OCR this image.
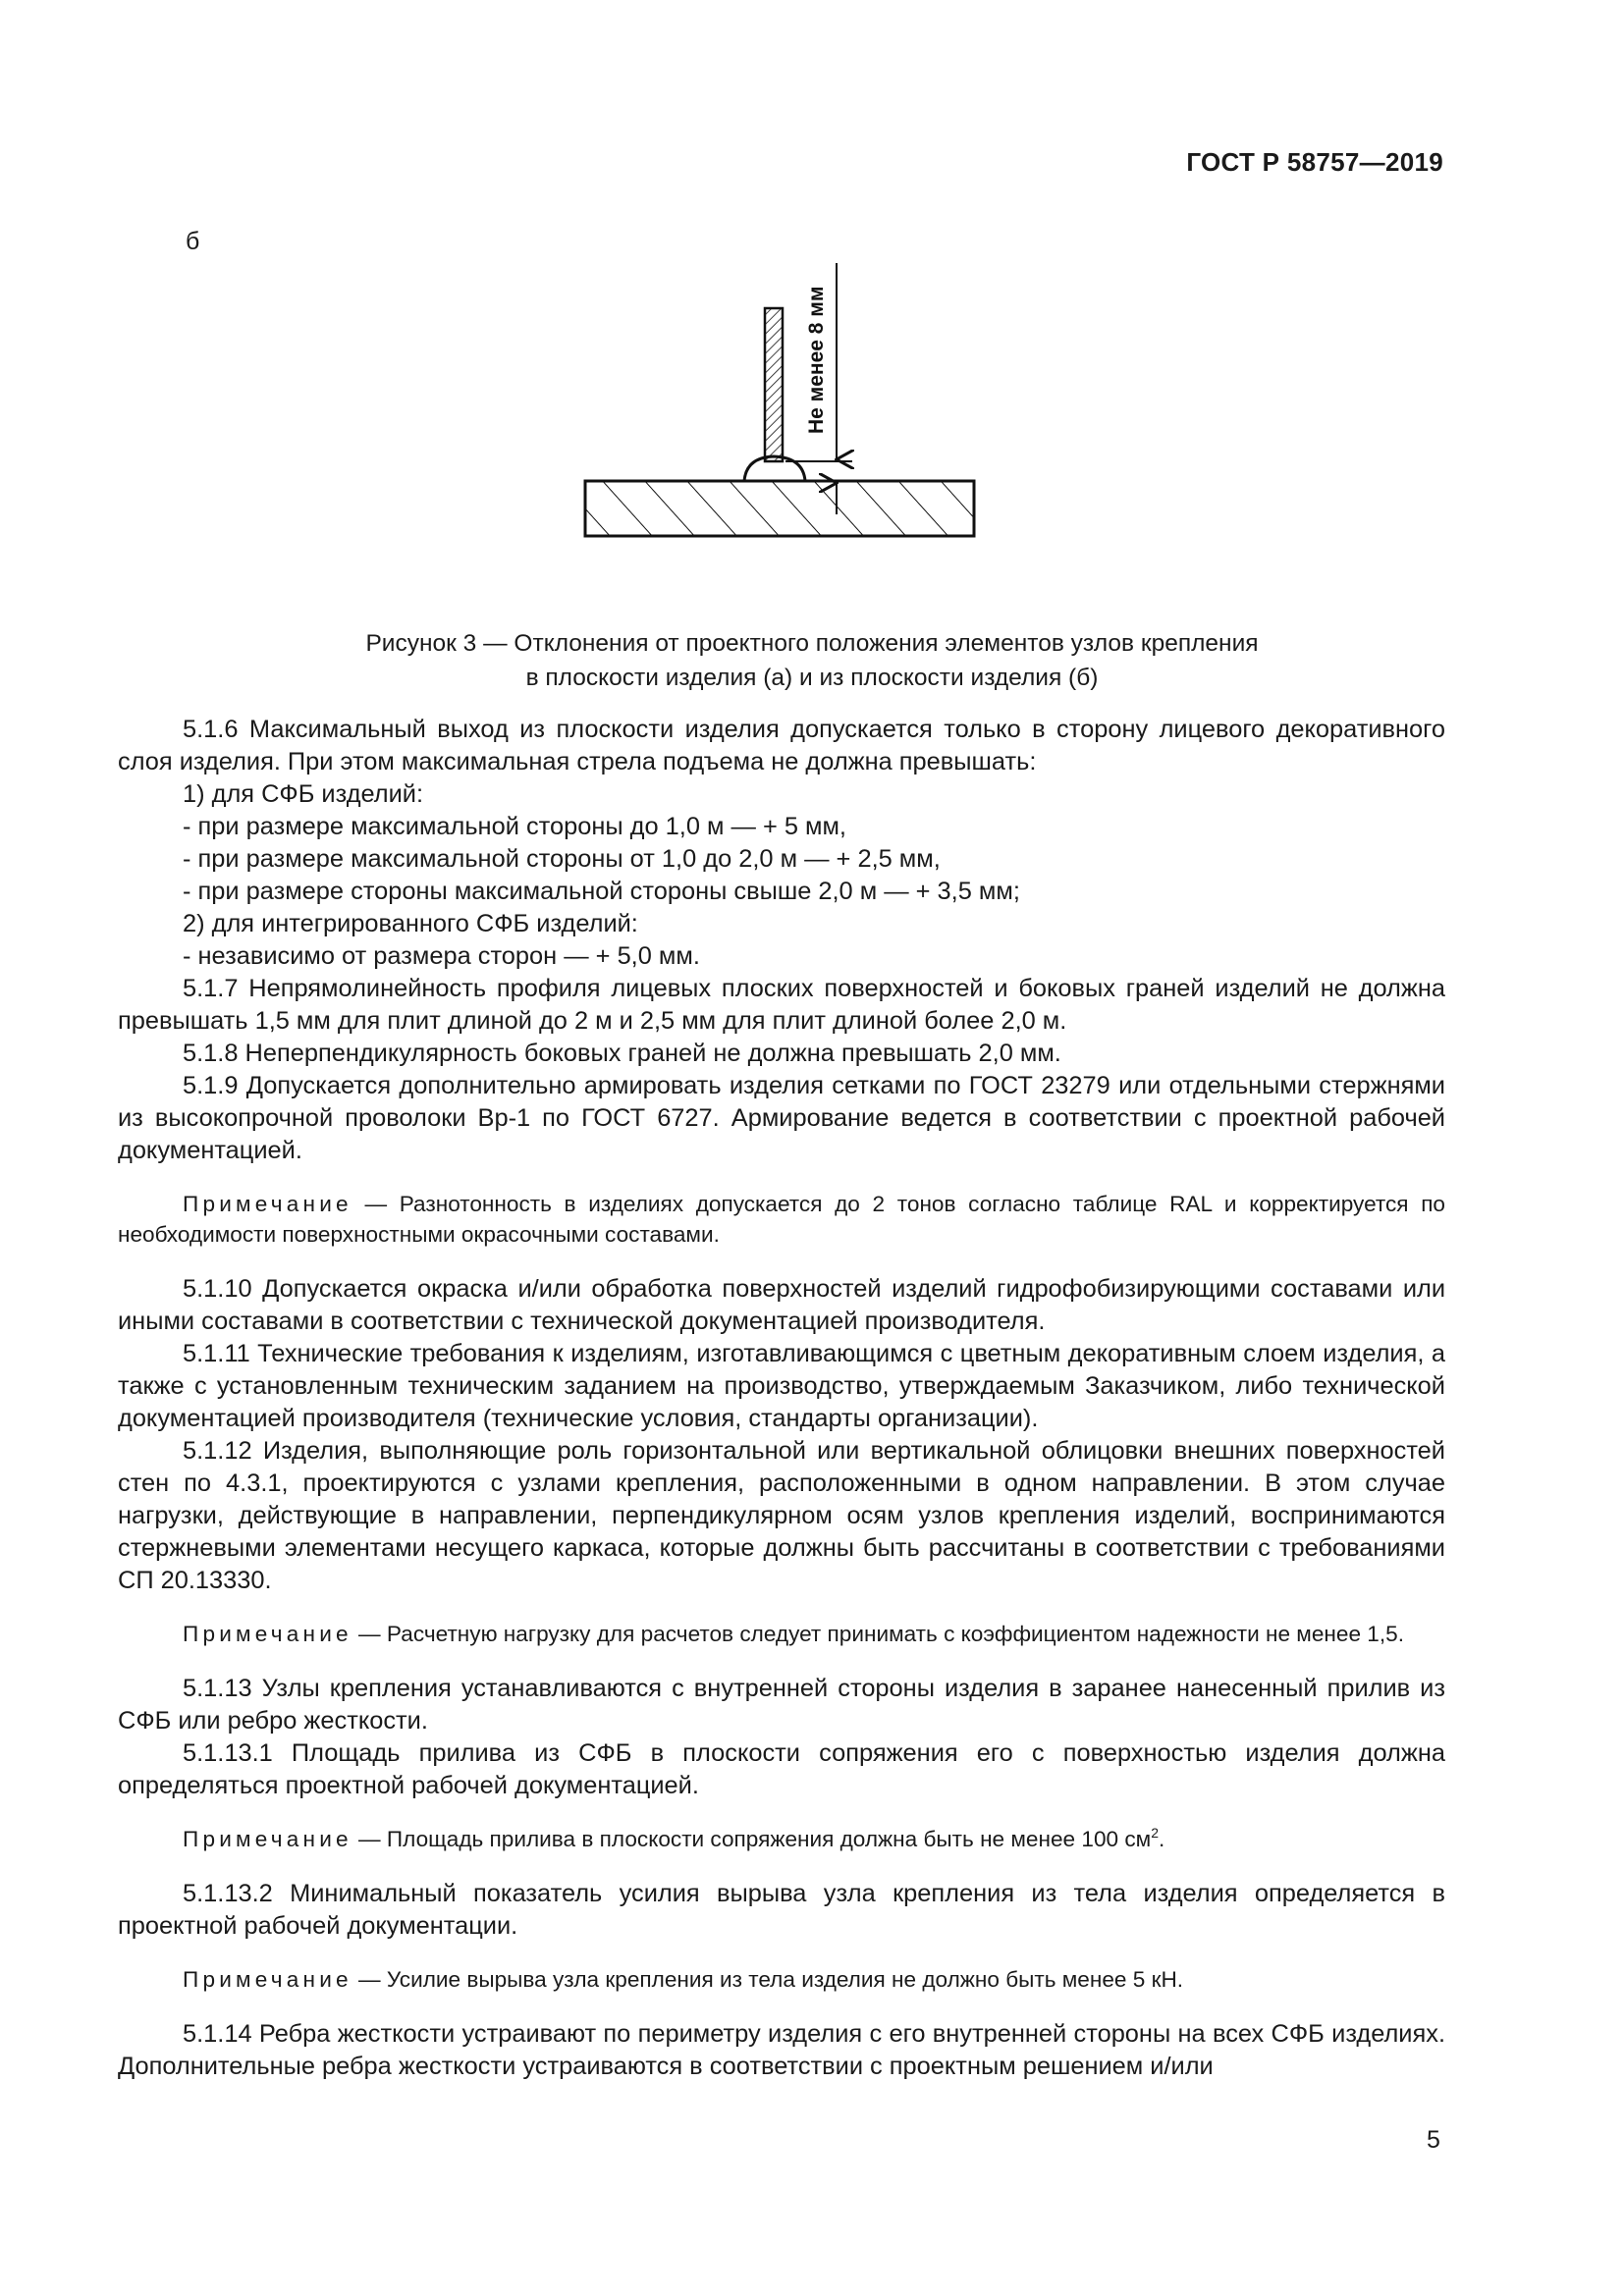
ГОСТ Р 58757—2019
б
Не менее 8 мм
Рисунок 3 — Отклонения от проектного положения элементов узлов крепления
в плоскости изделия (а) и из плоскости изделия (б)
5.1.6 Максимальный выход из плоскости изделия допускается только в сторону лицевого декоративного слоя изделия. При этом максимальная стрела подъема не должна превышать:
1) для СФБ изделий:
- при размере максимальной стороны до 1,0 м — + 5 мм,
- при размере максимальной стороны от 1,0 до 2,0 м — + 2,5 мм,
- при размере стороны максимальной стороны свыше 2,0 м — + 3,5 мм;
2) для интегрированного СФБ изделий:
- независимо от размера сторон — + 5,0 мм.
5.1.7 Непрямолинейность профиля лицевых плоских поверхностей и боковых граней изделий не должна превышать 1,5 мм для плит длиной до 2 м и 2,5 мм для плит длиной более 2,0 м.
5.1.8 Неперпендикулярность боковых граней не должна превышать 2,0 мм.
5.1.9 Допускается дополнительно армировать изделия сетками по ГОСТ 23279 или отдельными стержнями из высокопрочной проволоки Вр-1 по ГОСТ 6727. Армирование ведется в соответствии с проектной рабочей документацией.
Примечание — Разнотонность в изделиях допускается до 2 тонов согласно таблице RAL и корректируется по необходимости поверхностными окрасочными составами.
5.1.10 Допускается окраска и/или обработка поверхностей изделий гидрофобизирующими составами или иными составами в соответствии с технической документацией производителя.
5.1.11 Технические требования к изделиям, изготавливающимся с цветным декоративным слоем изделия, а также с установленным техническим заданием на производство, утверждаемым Заказчиком, либо технической документацией производителя (технические условия, стандарты организации).
5.1.12 Изделия, выполняющие роль горизонтальной или вертикальной облицовки внешних поверхностей стен по 4.3.1, проектируются с узлами крепления, расположенными в одном направлении. В этом случае нагрузки, действующие в направлении, перпендикулярном осям узлов крепления изделий, воспринимаются стержневыми элементами несущего каркаса, которые должны быть рассчитаны в соответствии с требованиями СП 20.13330.
Примечание — Расчетную нагрузку для расчетов следует принимать с коэффициентом надежности не менее 1,5.
5.1.13 Узлы крепления устанавливаются с внутренней стороны изделия в заранее нанесенный прилив из СФБ или ребро жесткости.
5.1.13.1 Площадь прилива из СФБ в плоскости сопряжения его с поверхностью изделия должна определяться проектной рабочей документацией.
Примечание — Площадь прилива в плоскости сопряжения должна быть не менее 100 $см^2$.
5.1.13.2 Минимальный показатель усилия вырыва узла крепления из тела изделия определяется в проектной рабочей документации.
Примечание — Усилие вырыва узла крепления из тела изделия не должно быть менее 5 кН.
5.1.14 Ребра жесткости устраивают по периметру изделия с его внутренней стороны на всех СФБ изделиях. Дополнительные ребра жесткости устраиваются в соответствии с проектным решением и/или
5
